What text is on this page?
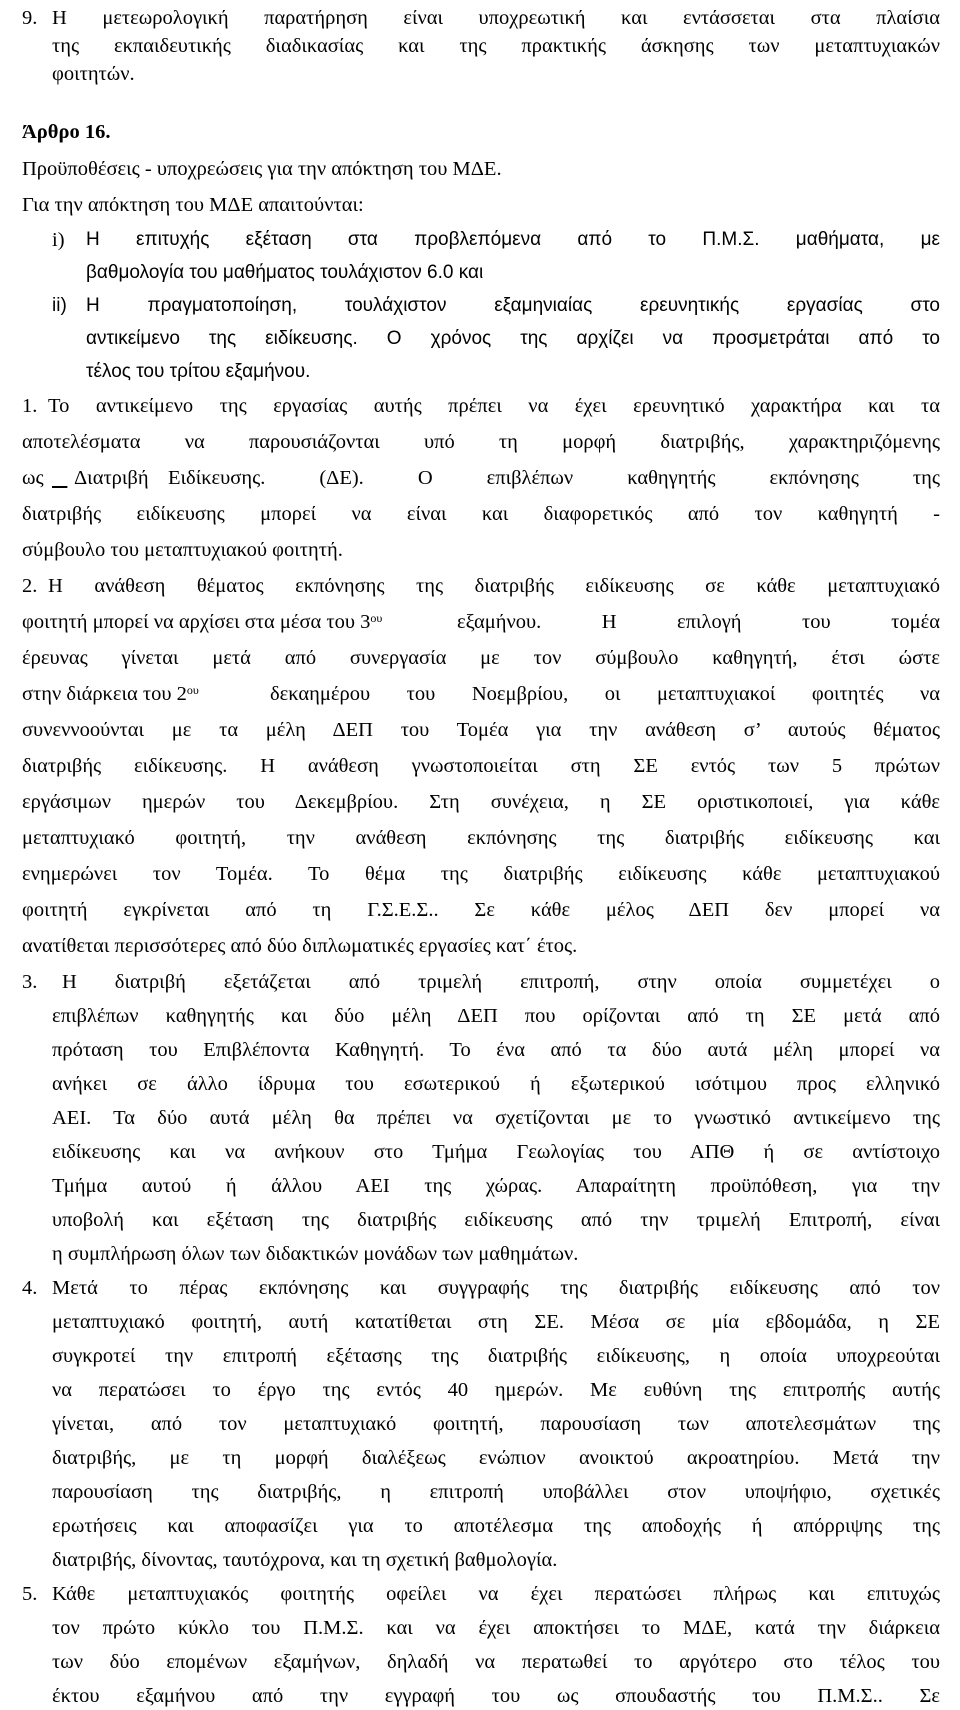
9. Η μετεωρολογική παρατήρηση είναι υποχρεωτική και εντάσσεται στα πλαίσια
της εκπαιδευτικής διαδικασίας και της πρακτικής άσκησης των μεταπτυχιακών
φοιτητών.
Άρθρο 16.
Προϋποθέσεις - υποχρεώσεις για την απόκτηση του ΜΔΕ.
Για την απόκτηση του ΜΔΕ απαιτούνται:
i) Η επιτυχής εξέταση στα προβλεπόμενα από το Π.Μ.Σ. μαθήματα, με
βαθμολογία του μαθήματος τουλάχιστον 6.0 και
ii) Η πραγματοποίηση, τουλάχιστον εξαμηνιαίας ερευνητικής εργασίας στο
αντικείμενο της ειδίκευσης. Ο χρόνος της αρχίζει να προσμετράται από το
τέλος του τρίτου εξαμήνου.
1. Το αντικείμενο της εργασίας αυτής πρέπει να έχει ερευνητικό χαρακτήρα και τα
αποτελέσματα να παρουσιάζονται υπό τη μορφή διατριβής, χαρακτηριζόμενης
ως
Διατριβή Ειδίκευσης. (ΔΕ). Ο επιβλέπων καθηγητής εκπόνησης της
διατριβής ειδίκευσης μπορεί να είναι και διαφορετικός από τον καθηγητή -
σύμβουλο του μεταπτυχιακού φοιτητή.
2. Η ανάθεση θέματος εκπόνησης της διατριβής ειδίκευσης σε κάθε μεταπτυχιακό
φοιτητή μπορεί να αρχίσει στα μέσα του $3^{o\upsilon}$	εξαμήνου. Η επιλογή του τομέα
έρευνας γίνεται μετά από συνεργασία με τον σύμβουλο καθηγητή, έτσι ώστε
στην διάρκεια του $2^{o\upsilon}$	δεκαημέρου του Νοεμβρίου, οι μεταπτυχιακοί φοιτητές να
συνεννοούνται με τα μέλη ΔΕΠ του Τομέα για την ανάθεση σ’ αυτούς θέματος
διατριβής ειδίκευσης. Η ανάθεση γνωστοποιείται στη ΣΕ εντός των 5 πρώτων
εργάσιμων ημερών του Δεκεμβρίου. Στη συνέχεια, η ΣΕ οριστικοποιεί, για κάθε
μεταπτυχιακό φοιτητή, την ανάθεση εκπόνησης της διατριβής ειδίκευσης και
ενημερώνει τον Τομέα. Το θέμα της διατριβής ειδίκευσης κάθε μεταπτυχιακού
φοιτητή εγκρίνεται από τη Γ.Σ.Ε.Σ.. Σε κάθε μέλος ΔΕΠ δεν μπορεί να
ανατίθεται περισσότερες από δύο διπλωματικές εργασίες κατ΄ έτος.
3. Η διατριβή εξετάζεται από τριμελή επιτροπή, στην οποία συμμετέχει ο
επιβλέπων καθηγητής και δύο μέλη ΔΕΠ που ορίζονται από τη ΣΕ μετά από
πρόταση του Επιβλέποντα Καθηγητή. Το ένα από τα δύο αυτά μέλη μπορεί να
ανήκει σε άλλο ίδρυμα του εσωτερικού ή εξωτερικού ισότιμου προς ελληνικό
ΑΕΙ. Τα δύο αυτά μέλη θα πρέπει να σχετίζονται με το γνωστικό αντικείμενο της
ειδίκευσης και να ανήκουν στο Τμήμα Γεωλογίας του ΑΠΘ ή σε αντίστοιχο
Τμήμα αυτού ή άλλου ΑΕΙ της χώρας. Απαραίτητη προϋπόθεση, για την
υποβολή και εξέταση της διατριβής ειδίκευσης από την τριμελή Επιτροπή, είναι
η συμπλήρωση όλων των διδακτικών μονάδων των μαθημάτων.
4. Μετά το πέρας εκπόνησης και συγγραφής της διατριβής ειδίκευσης από τον
μεταπτυχιακό φοιτητή, αυτή κατατίθεται στη ΣΕ. Μέσα σε μία εβδομάδα, η ΣΕ
συγκροτεί την επιτροπή εξέτασης της διατριβής ειδίκευσης, η οποία υποχρεούται
να περατώσει το έργο της εντός 40 ημερών. Με ευθύνη της επιτροπής αυτής
γίνεται, από τον μεταπτυχιακό φοιτητή, παρουσίαση των αποτελεσμάτων της
διατριβής, με τη μορφή διαλέξεως ενώπιον ανοικτού ακροατηρίου. Μετά την
παρουσίαση της διατριβής, η επιτροπή υποβάλλει στον υποψήφιο, σχετικές
ερωτήσεις και αποφασίζει για το αποτέλεσμα της αποδοχής ή απόρριψης της
διατριβής, δίνοντας, ταυτόχρονα, και τη σχετική βαθμολογία.
5. Κάθε μεταπτυχιακός φοιτητής οφείλει να έχει περατώσει πλήρως και επιτυχώς
τον πρώτο κύκλο του Π.Μ.Σ. και να έχει αποκτήσει το ΜΔΕ, κατά την διάρκεια
των δύο επομένων εξαμήνων, δηλαδή να περατωθεί το αργότερο στο τέλος του
έκτου εξαμήνου από την εγγραφή του ως σπουδαστής του Π.Μ.Σ.. Σε
